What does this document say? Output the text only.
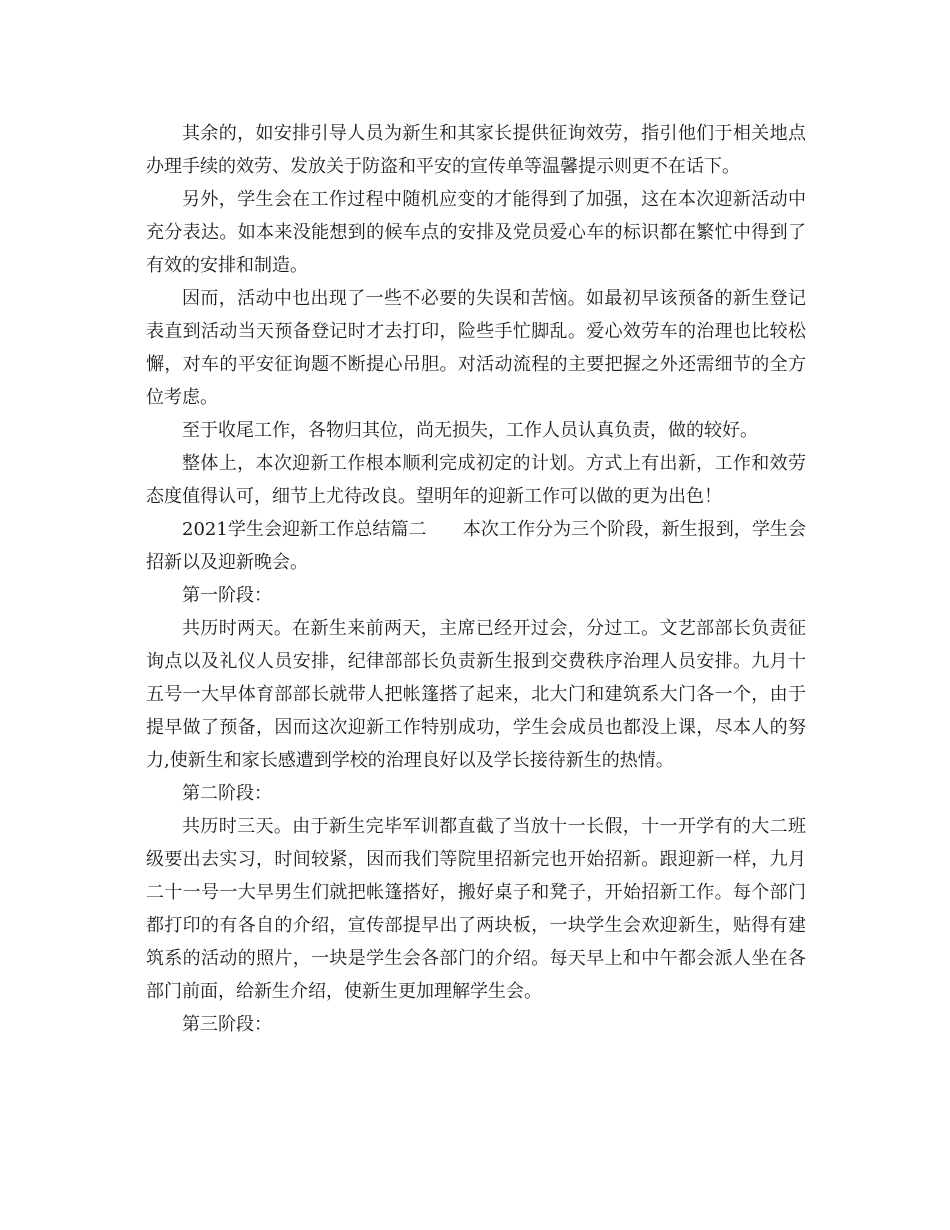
其余的，如安排引导人员为新生和其家长提供征询效劳，指引他们于相关地点办理手续的效劳、发放关于防盗和平安的宣传单等温馨提示则更不在话下。

另外，学生会在工作过程中随机应变的才能得到了加强，这在本次迎新活动中充分表达。如本来没能想到的候车点的安排及党员爱心车的标识都在繁忙中得到了有效的安排和制造。

因而，活动中也出现了一些不必要的失误和苦恼。如最初早该预备的新生登记表直到活动当天预备登记时才去打印，险些手忙脚乱。爱心效劳车的治理也比较松懈，对车的平安征询题不断提心吊胆。对活动流程的主要把握之外还需细节的全方位考虑。

至于收尾工作，各物归其位，尚无损失，工作人员认真负责，做的较好。

整体上，本次迎新工作根本顺利完成初定的计划。方式上有出新，工作和效劳态度值得认可，细节上尤待改良。望明年的迎新工作可以做的更为出色！

2021学生会迎新工作总结篇二　　本次工作分为三个阶段，新生报到，学生会招新以及迎新晚会。

第一阶段：

共历时两天。在新生来前两天，主席已经开过会，分过工。文艺部部长负责征询点以及礼仪人员安排，纪律部部长负责新生报到交费秩序治理人员安排。九月十五号一大早体育部部长就带人把帐篷搭了起来，北大门和建筑系大门各一个，由于提早做了预备，因而这次迎新工作特别成功，学生会成员也都没上课，尽本人的努力,使新生和家长感遭到学校的治理良好以及学长接待新生的热情。

第二阶段：

共历时三天。由于新生完毕军训都直截了当放十一长假，十一开学有的大二班级要出去实习，时间较紧，因而我们等院里招新完也开始招新。跟迎新一样，九月二十一号一大早男生们就把帐篷搭好，搬好桌子和凳子，开始招新工作。每个部门都打印的有各自的介绍，宣传部提早出了两块板，一块学生会欢迎新生，贴得有建筑系的活动的照片，一块是学生会各部门的介绍。每天早上和中午都会派人坐在各部门前面，给新生介绍，使新生更加理解学生会。

第三阶段：
